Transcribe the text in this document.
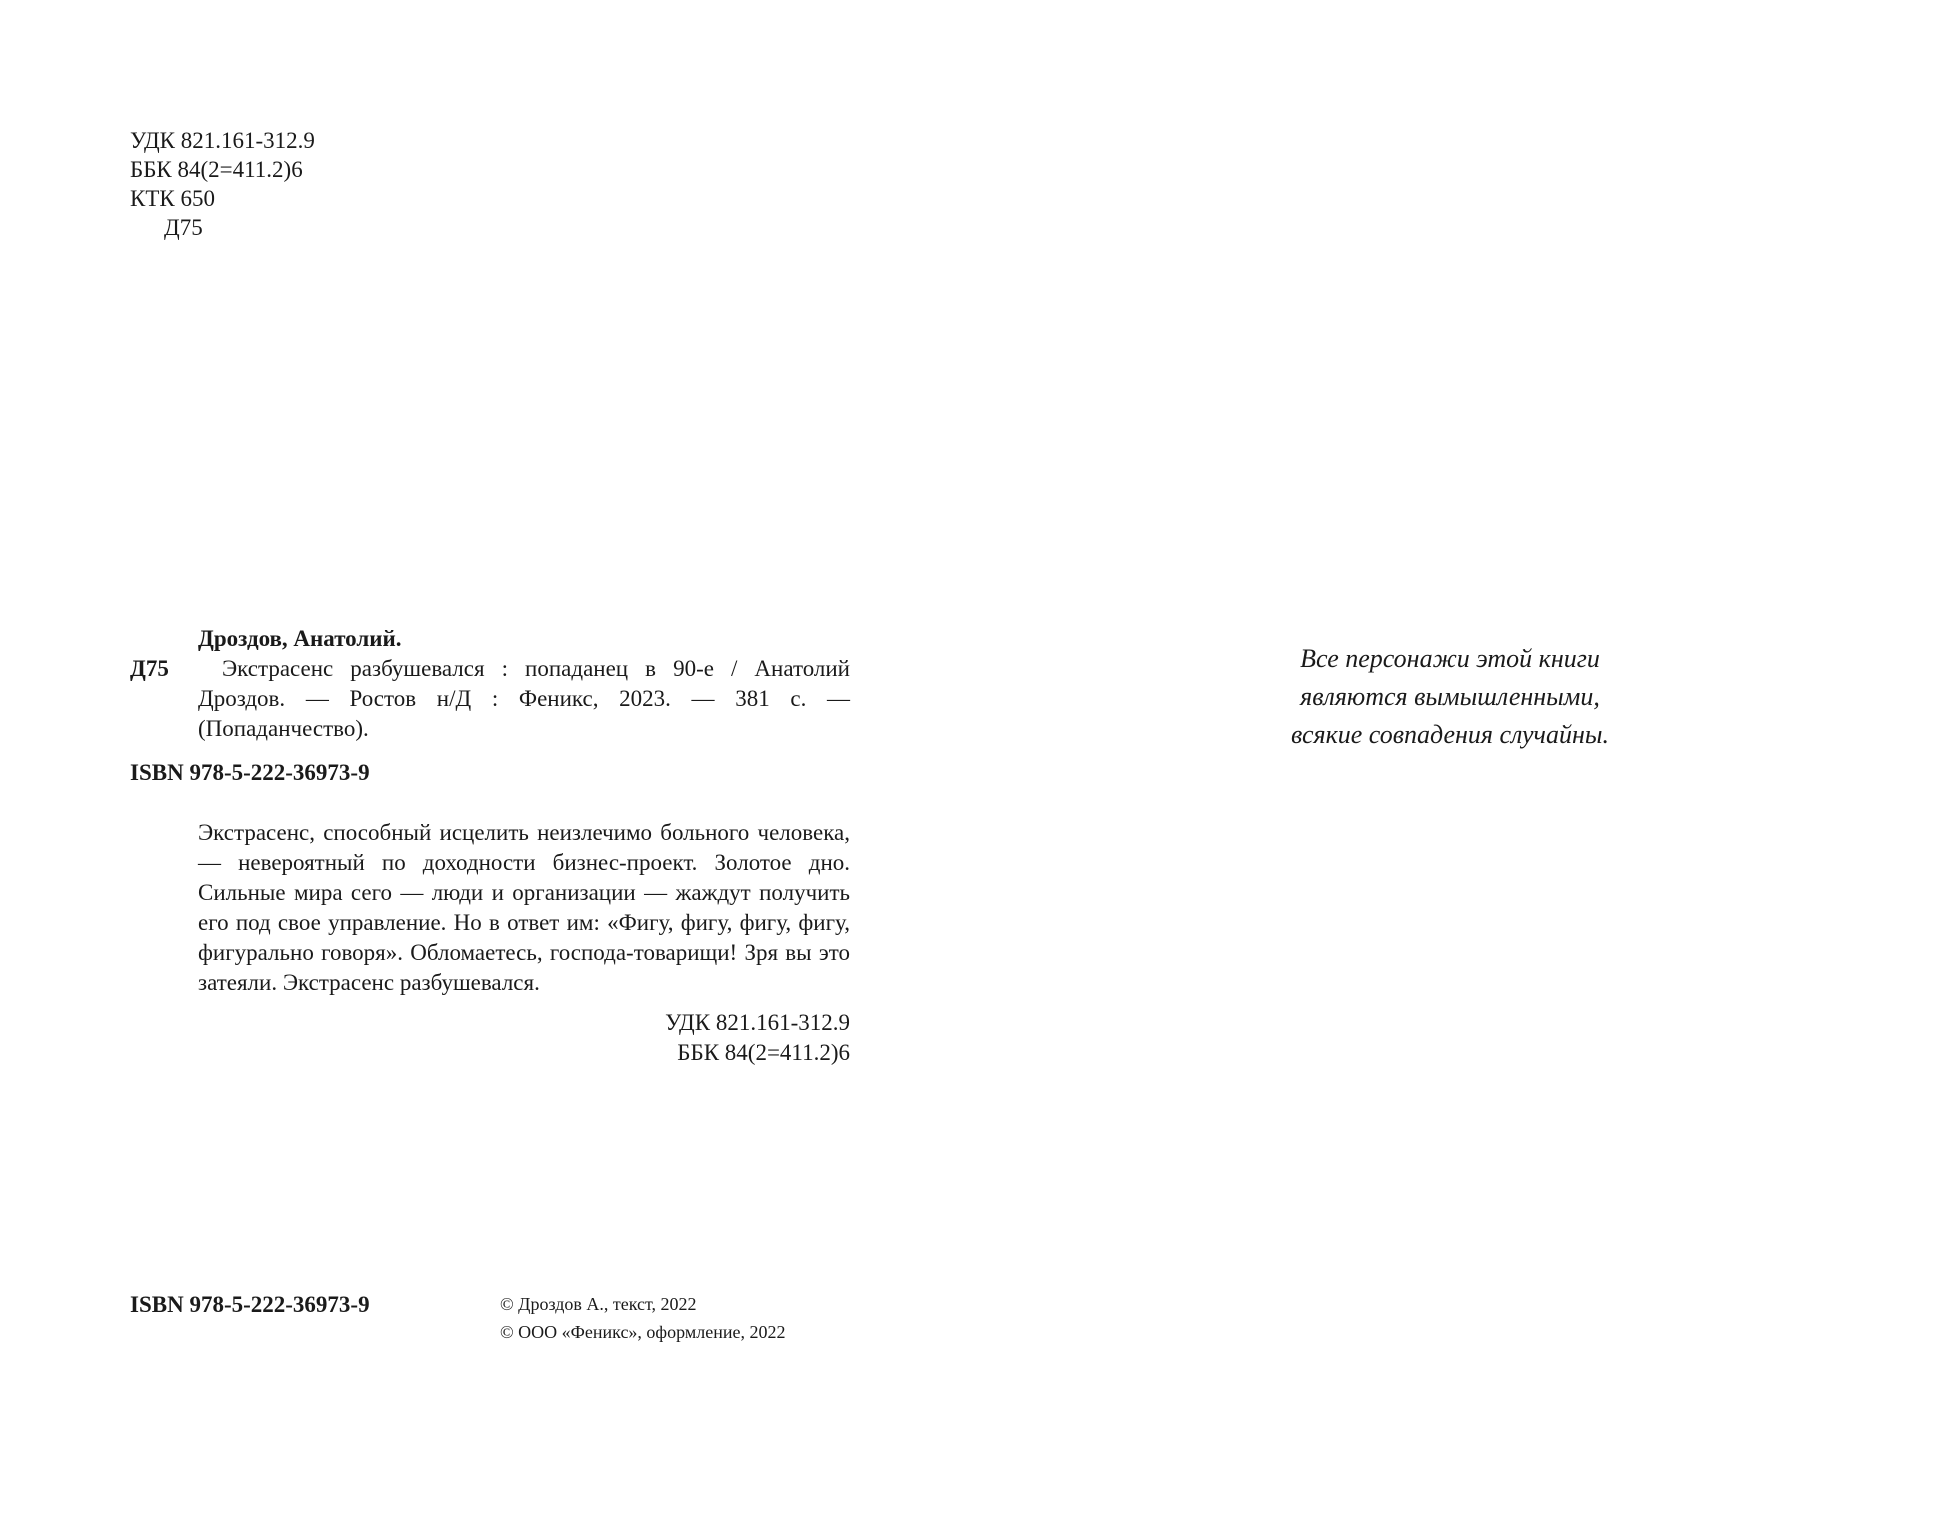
УДК 821.161-312.9
ББК 84(2=411.2)6
КТК 650
Д75
Дроздов, Анатолий.
Д75	Экстрасенс разбушевался : попаданец в 90-е / Анатолий Дроздов. — Ростов н/Д : Феникс, 2023. — 381 с. — (Попаданчество).
ISBN 978-5-222-36973-9
Экстрасенс, способный исцелить неизлечимо больного человека, — невероятный по доходности бизнес-проект. Золотое дно. Сильные мира сего — люди и организации — жаждут получить его под свое управление. Но в ответ им: «Фигу, фигу, фигу, фигу, фигурально говоря». Обломаетесь, господа-товарищи! Зря вы это затеяли. Экстрасенс разбушевался.
УДК 821.161-312.9
ББК 84(2=411.2)6
ISBN 978-5-222-36973-9	© Дроздов А., текст, 2022
© ООО «Феникс», оформление, 2022
Все персонажи этой книги
являются вымышленными,
всякие совпадения случайны.
